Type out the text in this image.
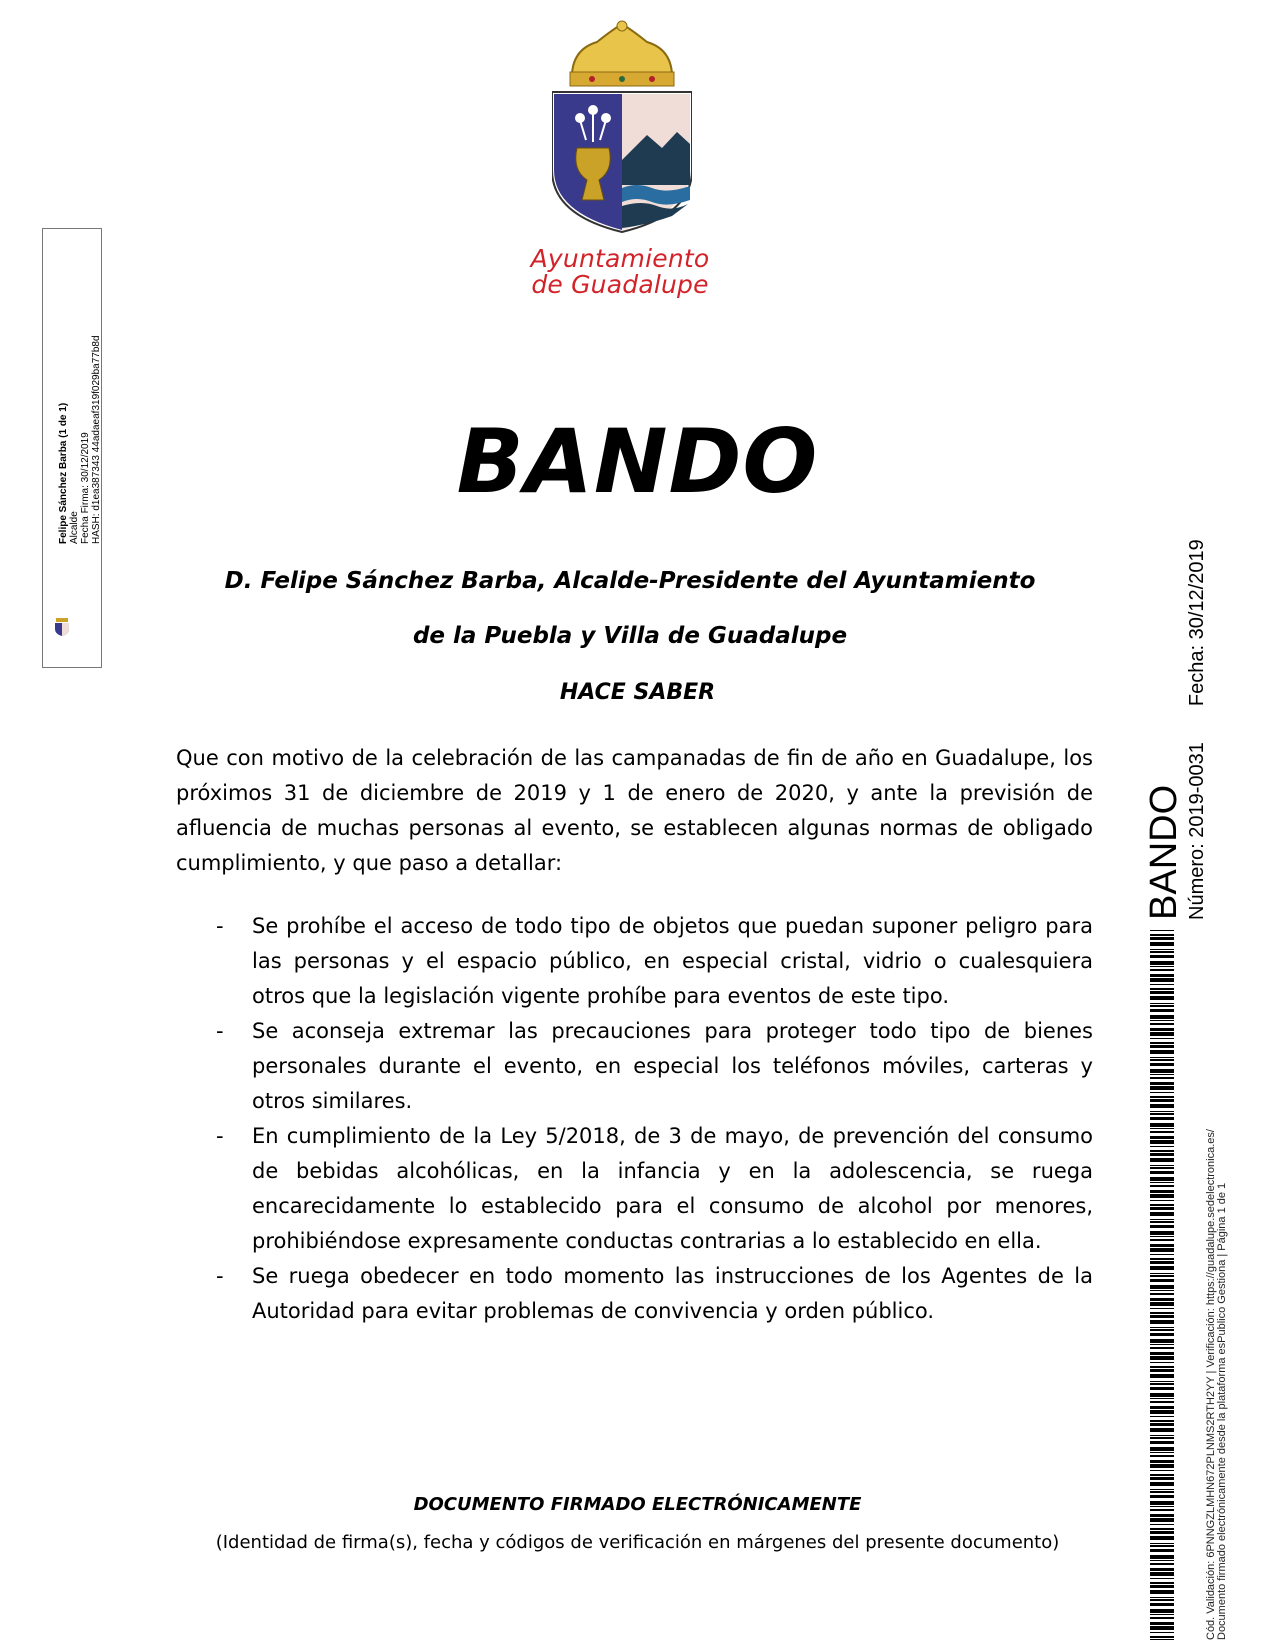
Ayuntamiento
de Guadalupe
BANDO
D. Felipe Sánchez Barba, Alcalde-Presidente del Ayuntamiento
de la Puebla y Villa de Guadalupe
HACE SABER
Que con motivo de la celebración de las campanadas de fin de año en Guadalupe, los próximos 31 de diciembre de 2019 y 1 de enero de 2020, y ante la previsión de afluencia de muchas personas al evento, se establecen algunas normas de obligado cumplimiento, y que paso a detallar:
- Se prohíbe el acceso de todo tipo de objetos que puedan suponer peligro para las personas y el espacio público, en especial cristal, vidrio o cualesquiera otros que la legislación vigente prohíbe para eventos de este tipo.
- Se aconseja extremar las precauciones para proteger todo tipo de bienes personales durante el evento, en especial los teléfonos móviles, carteras y otros similares.
- En cumplimiento de la Ley 5/2018, de 3 de mayo, de prevención del consumo de bebidas alcohólicas, en la infancia y en la adolescencia, se ruega encarecidamente lo establecido para el consumo de alcohol por menores, prohibiéndose expresamente conductas contrarias a lo establecido en ella.
- Se ruega obedecer en todo momento las instrucciones de los Agentes de la Autoridad para evitar problemas de convivencia y orden público.
DOCUMENTO FIRMADO ELECTRÓNICAMENTE
(Identidad de firma(s), fecha y códigos de verificación en márgenes del presente documento)
Felipe Sánchez Barba (1 de 1) Alcalde Fecha Firma: 30/12/2019 HASH: d1ea387343 44adaeaf319f029ba77b8d
BANDO Número: 2019-0031Fecha: 30/12/2019
Cód. Validación: 6PNNGZLMHN672PLNMS2RTH2YY | Verificación: https://guadalupe.sedelectronica.es/ Documento firmado electrónicamente desde la plataforma esPublico Gestiona | Página 1 de 1
